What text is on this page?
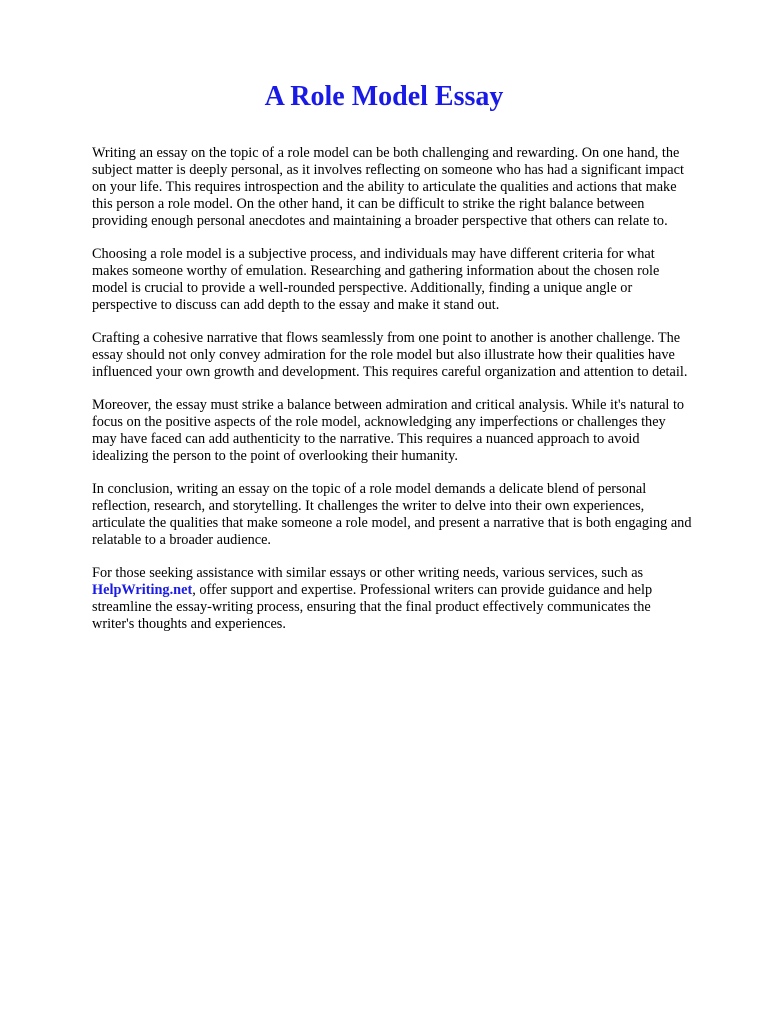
A Role Model Essay

Writing an essay on the topic of a role model can be both challenging and rewarding. On one hand, the subject matter is deeply personal, as it involves reflecting on someone who has had a significant impact on your life. This requires introspection and the ability to articulate the qualities and actions that make this person a role model. On the other hand, it can be difficult to strike the right balance between providing enough personal anecdotes and maintaining a broader perspective that others can relate to.

Choosing a role model is a subjective process, and individuals may have different criteria for what makes someone worthy of emulation. Researching and gathering information about the chosen role model is crucial to provide a well-rounded perspective. Additionally, finding a unique angle or perspective to discuss can add depth to the essay and make it stand out.

Crafting a cohesive narrative that flows seamlessly from one point to another is another challenge. The essay should not only convey admiration for the role model but also illustrate how their qualities have influenced your own growth and development. This requires careful organization and attention to detail.

Moreover, the essay must strike a balance between admiration and critical analysis. While it's natural to focus on the positive aspects of the role model, acknowledging any imperfections or challenges they may have faced can add authenticity to the narrative. This requires a nuanced approach to avoid idealizing the person to the point of overlooking their humanity.

In conclusion, writing an essay on the topic of a role model demands a delicate blend of personal reflection, research, and storytelling. It challenges the writer to delve into their own experiences, articulate the qualities that make someone a role model, and present a narrative that is both engaging and relatable to a broader audience.

For those seeking assistance with similar essays or other writing needs, various services, such as HelpWriting.net, offer support and expertise. Professional writers can provide guidance and help streamline the essay-writing process, ensuring that the final product effectively communicates the writer's thoughts and experiences.
